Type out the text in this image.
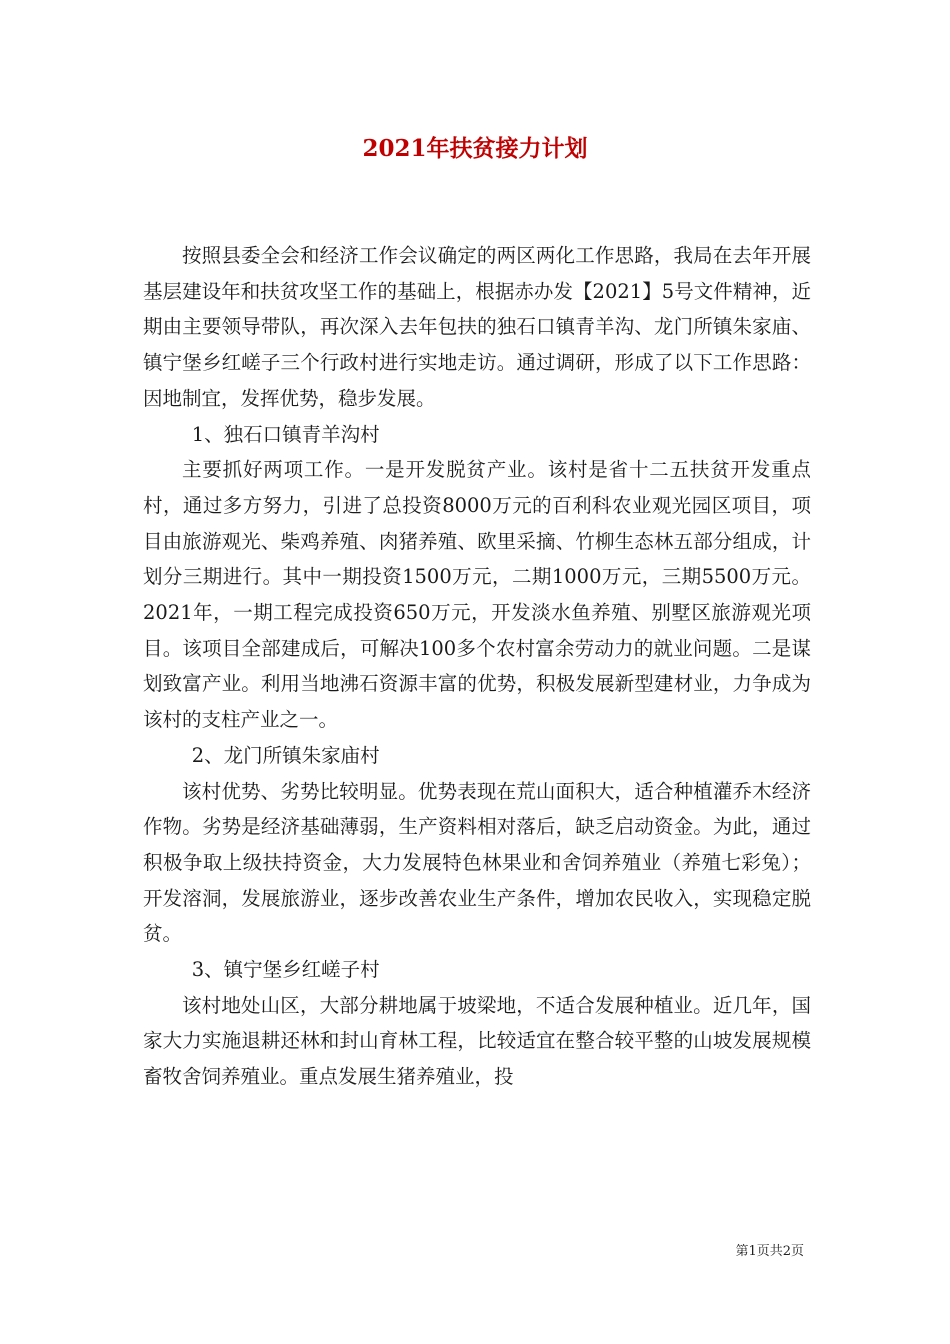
2021年扶贫接力计划

按照县委全会和经济工作会议确定的两区两化工作思路，我局在去年开展基层建设年和扶贫攻坚工作的基础上，根据赤办发【2021】5号文件精神，近期由主要领导带队，再次深入去年包扶的独石口镇青羊沟、龙门所镇朱家庙、镇宁堡乡红嵯子三个行政村进行实地走访。通过调研，形成了以下工作思路：因地制宜，发挥优势，稳步发展。

1、独石口镇青羊沟村

主要抓好两项工作。一是开发脱贫产业。该村是省十二五扶贫开发重点村，通过多方努力，引进了总投资8000万元的百利科农业观光园区项目，项目由旅游观光、柴鸡养殖、肉猪养殖、欧里采摘、竹柳生态林五部分组成，计划分三期进行。其中一期投资1500万元，二期1000万元，三期5500万元。2021年，一期工程完成投资650万元，开发淡水鱼养殖、别墅区旅游观光项目。该项目全部建成后，可解决100多个农村富余劳动力的就业问题。二是谋划致富产业。利用当地沸石资源丰富的优势，积极发展新型建材业，力争成为该村的支柱产业之一。

2、龙门所镇朱家庙村

该村优势、劣势比较明显。优势表现在荒山面积大，适合种植灌乔木经济作物。劣势是经济基础薄弱，生产资料相对落后，缺乏启动资金。为此，通过积极争取上级扶持资金，大力发展特色林果业和舍饲养殖业（养殖七彩兔）；开发溶洞，发展旅游业，逐步改善农业生产条件，增加农民收入，实现稳定脱贫。

3、镇宁堡乡红嵯子村

该村地处山区，大部分耕地属于坡梁地，不适合发展种植业。近几年，国家大力实施退耕还林和封山育林工程，比较适宜在整合较平整的山坡发展规模畜牧舍饲养殖业。重点发展生猪养殖业，投

第1页共2页
